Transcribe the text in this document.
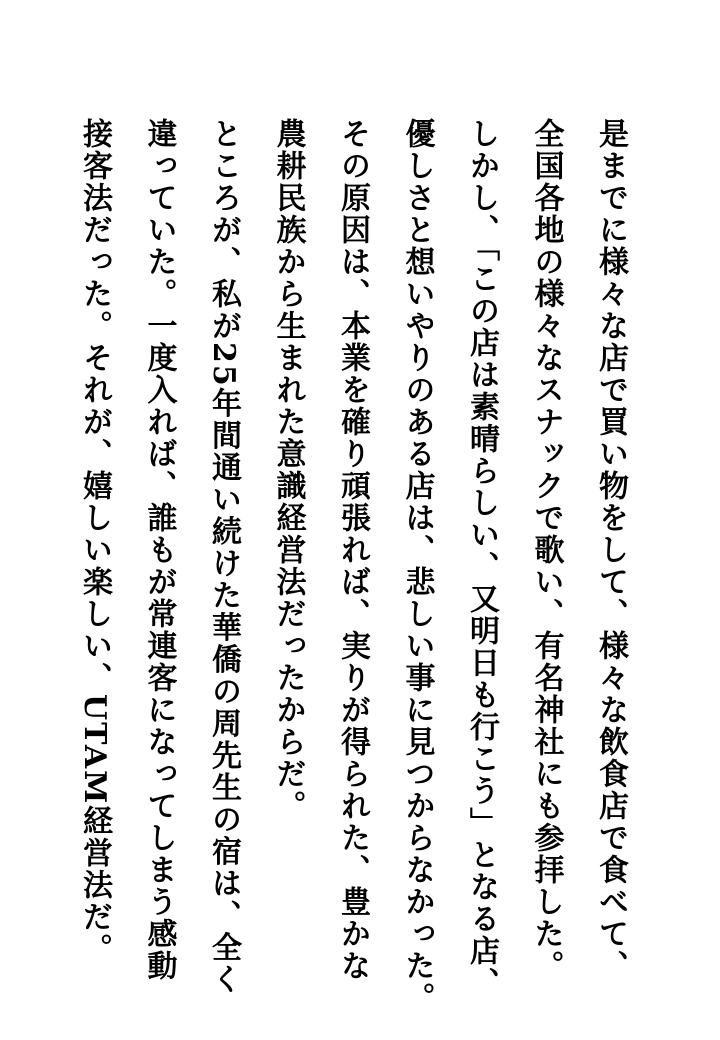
是までに様々な店で買い物をして、様々な飲食店で食べて、
全国各地の様々なスナックで歌い、有名神社にも参拝した。
しかし、「この店は素晴らしい、又明日も行こう」となる店、
優しさと想いやりのある店は、悲しい事に見つからなかった。
その原因は、本業を確り頑張れば、実りが得られた、豊かな
農耕民族から生まれた意識経営法だったからだ。
ところが、私が25年間通い続けた華僑の周先生の宿は、全く
違っていた。一度入れば、誰もが常連客になってしまう感動
接客法だった。それが、嬉しい楽しい、UTAM経営法だ。
